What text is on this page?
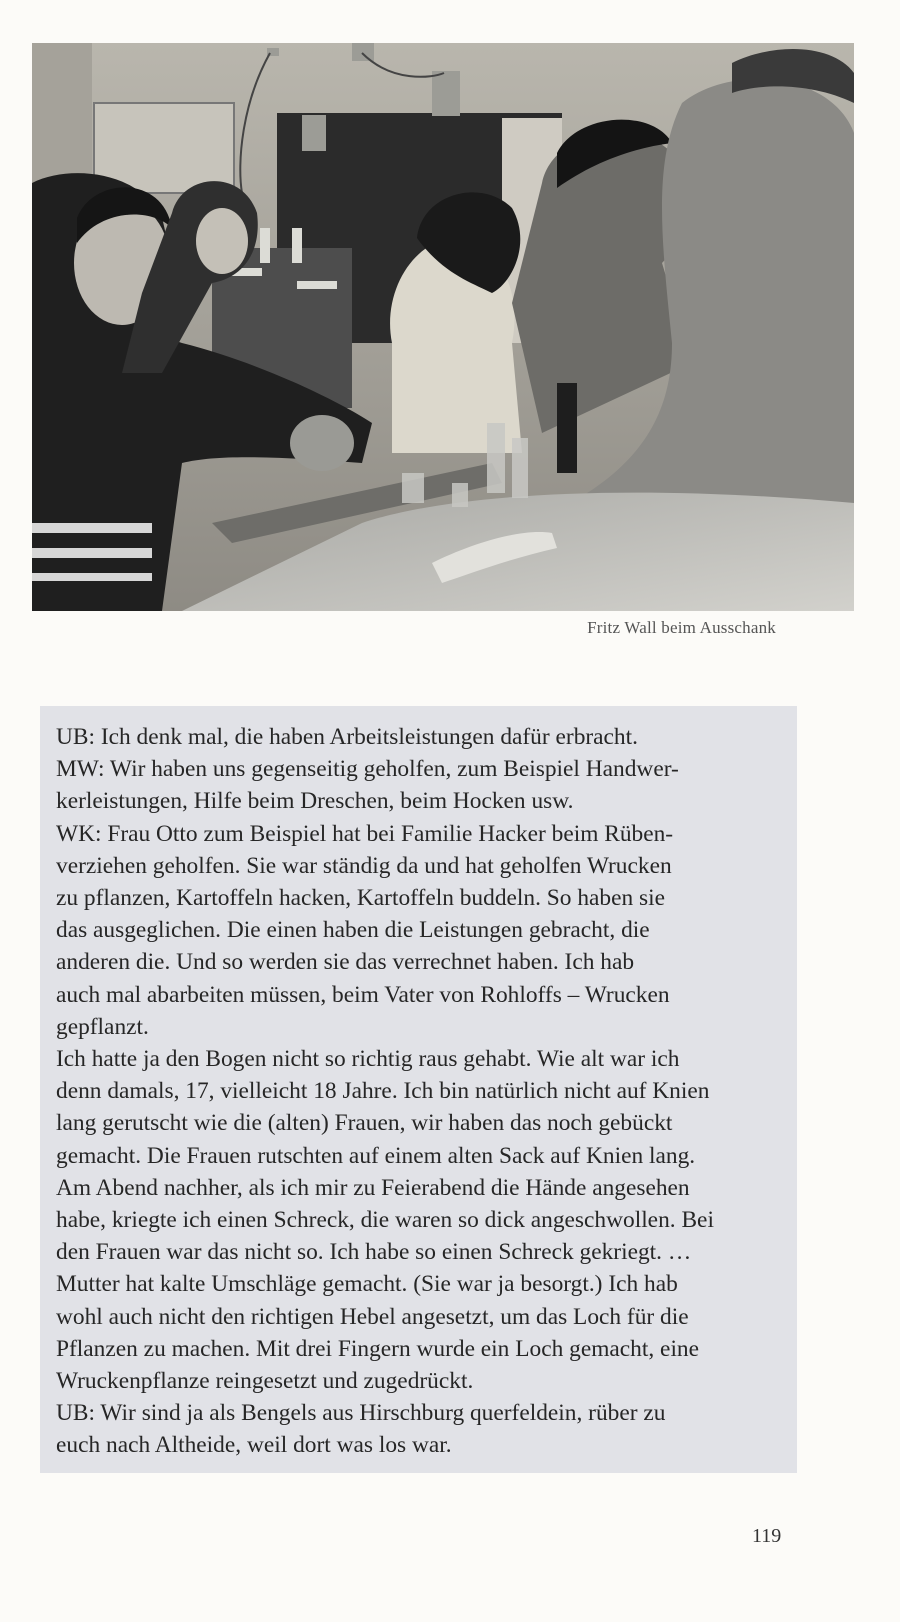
Fritz Wall beim Ausschank
UB: Ich denk mal, die haben Arbeitsleistungen dafür erbracht.
MW: Wir haben uns gegenseitig geholfen, zum Beispiel Handwer-
kerleistungen, Hilfe beim Dreschen, beim Hocken usw.
WK: Frau Otto zum Beispiel hat bei Familie Hacker beim Rüben-
verziehen geholfen. Sie war ständig da und hat geholfen Wrucken
zu pflanzen, Kartoffeln hacken, Kartoffeln buddeln. So haben sie
das ausgeglichen. Die einen haben die Leistungen gebracht, die
anderen die. Und so werden sie das verrechnet haben. Ich hab
auch mal abarbeiten müssen, beim Vater von Rohloffs – Wrucken
gepflanzt.
Ich hatte ja den Bogen nicht so richtig raus gehabt. Wie alt war ich
denn damals, 17, vielleicht 18 Jahre. Ich bin natürlich nicht auf Knien
lang gerutscht wie die (alten) Frauen, wir haben das noch gebückt
gemacht. Die Frauen rutschten auf einem alten Sack auf Knien lang.
Am Abend nachher, als ich mir zu Feierabend die Hände angesehen
habe, kriegte ich einen Schreck, die waren so dick angeschwollen. Bei
den Frauen war das nicht so. Ich habe so einen Schreck gekriegt. …
Mutter hat kalte Umschläge gemacht. (Sie war ja besorgt.) Ich hab
wohl auch nicht den richtigen Hebel angesetzt, um das Loch für die
Pflanzen zu machen. Mit drei Fingern wurde ein Loch gemacht, eine
Wruckenpflanze reingesetzt und zugedrückt.
UB: Wir sind ja als Bengels aus Hirschburg querfeldein, rüber zu
euch nach Altheide, weil dort was los war.
119
